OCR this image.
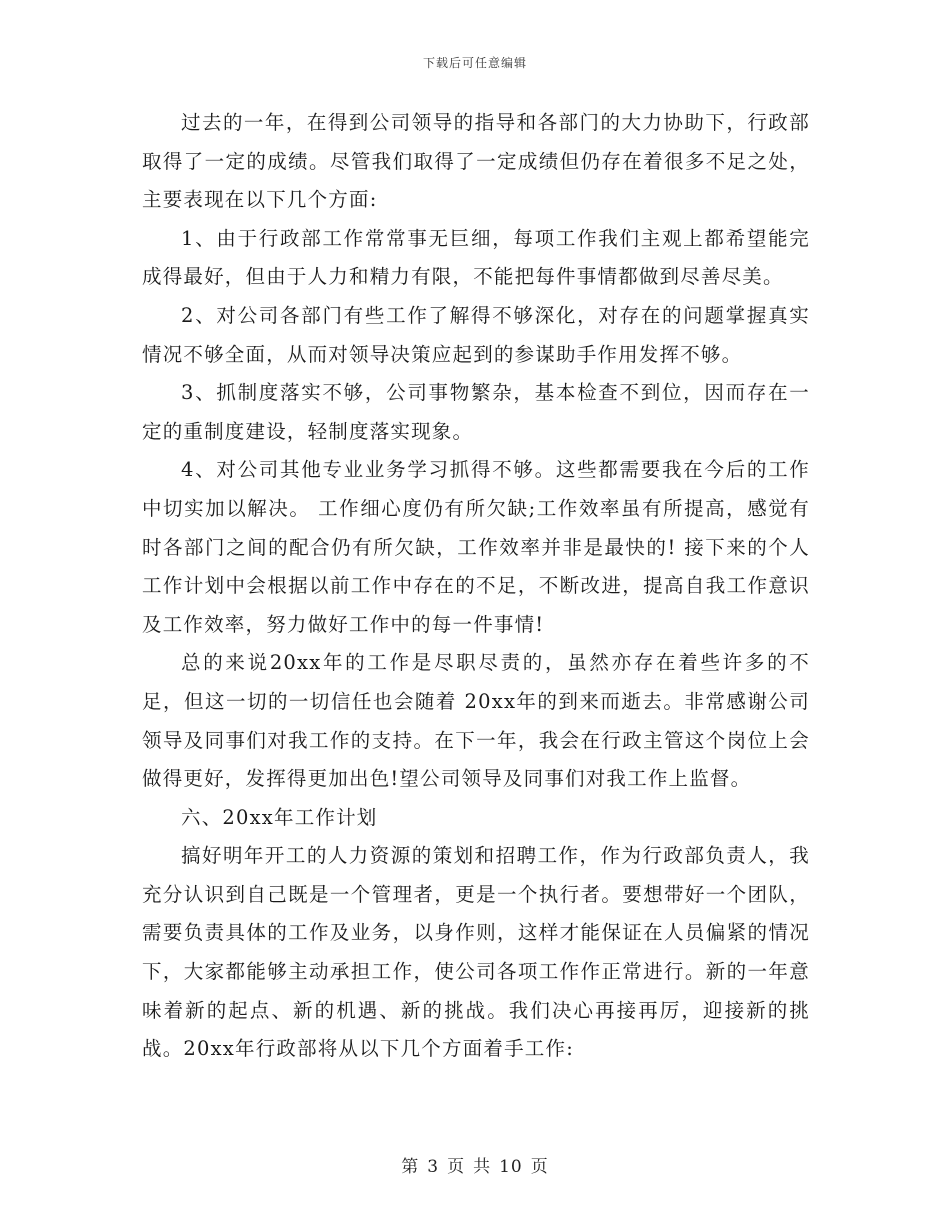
下载后可任意编辑

过去的一年，在得到公司领导的指导和各部门的大力协助下，行政部取得了一定的成绩。尽管我们取得了一定成绩但仍存在着很多不足之处，主要表现在以下几个方面:

1、由于行政部工作常常事无巨细，每项工作我们主观上都希望能完成得最好，但由于人力和精力有限，不能把每件事情都做到尽善尽美。

2、对公司各部门有些工作了解得不够深化，对存在的问题掌握真实情况不够全面，从而对领导决策应起到的参谋助手作用发挥不够。

3、抓制度落实不够，公司事物繁杂，基本检查不到位，因而存在一定的重制度建设，轻制度落实现象。

4、对公司其他专业业务学习抓得不够。这些都需要我在今后的工作中切实加以解决。 工作细心度仍有所欠缺;工作效率虽有所提高，感觉有时各部门之间的配合仍有所欠缺，工作效率并非是最快的! 接下来的个人工作计划中会根据以前工作中存在的不足，不断改进，提高自我工作意识及工作效率，努力做好工作中的每一件事情!

总的来说20xx年的工作是尽职尽责的，虽然亦存在着些许多的不足，但这一切的一切信任也会随着 20xx年的到来而逝去。非常感谢公司领导及同事们对我工作的支持。在下一年，我会在行政主管这个岗位上会做得更好，发挥得更加出色!望公司领导及同事们对我工作上监督。

六、20xx年工作计划

搞好明年开工的人力资源的策划和招聘工作，作为行政部负责人，我充分认识到自己既是一个管理者，更是一个执行者。要想带好一个团队，需要负责具体的工作及业务，以身作则，这样才能保证在人员偏紧的情况下，大家都能够主动承担工作，使公司各项工作作正常进行。新的一年意味着新的起点、新的机遇、新的挑战。我们决心再接再厉，迎接新的挑战。20xx年行政部将从以下几个方面着手工作:

第 3 页 共 10 页
